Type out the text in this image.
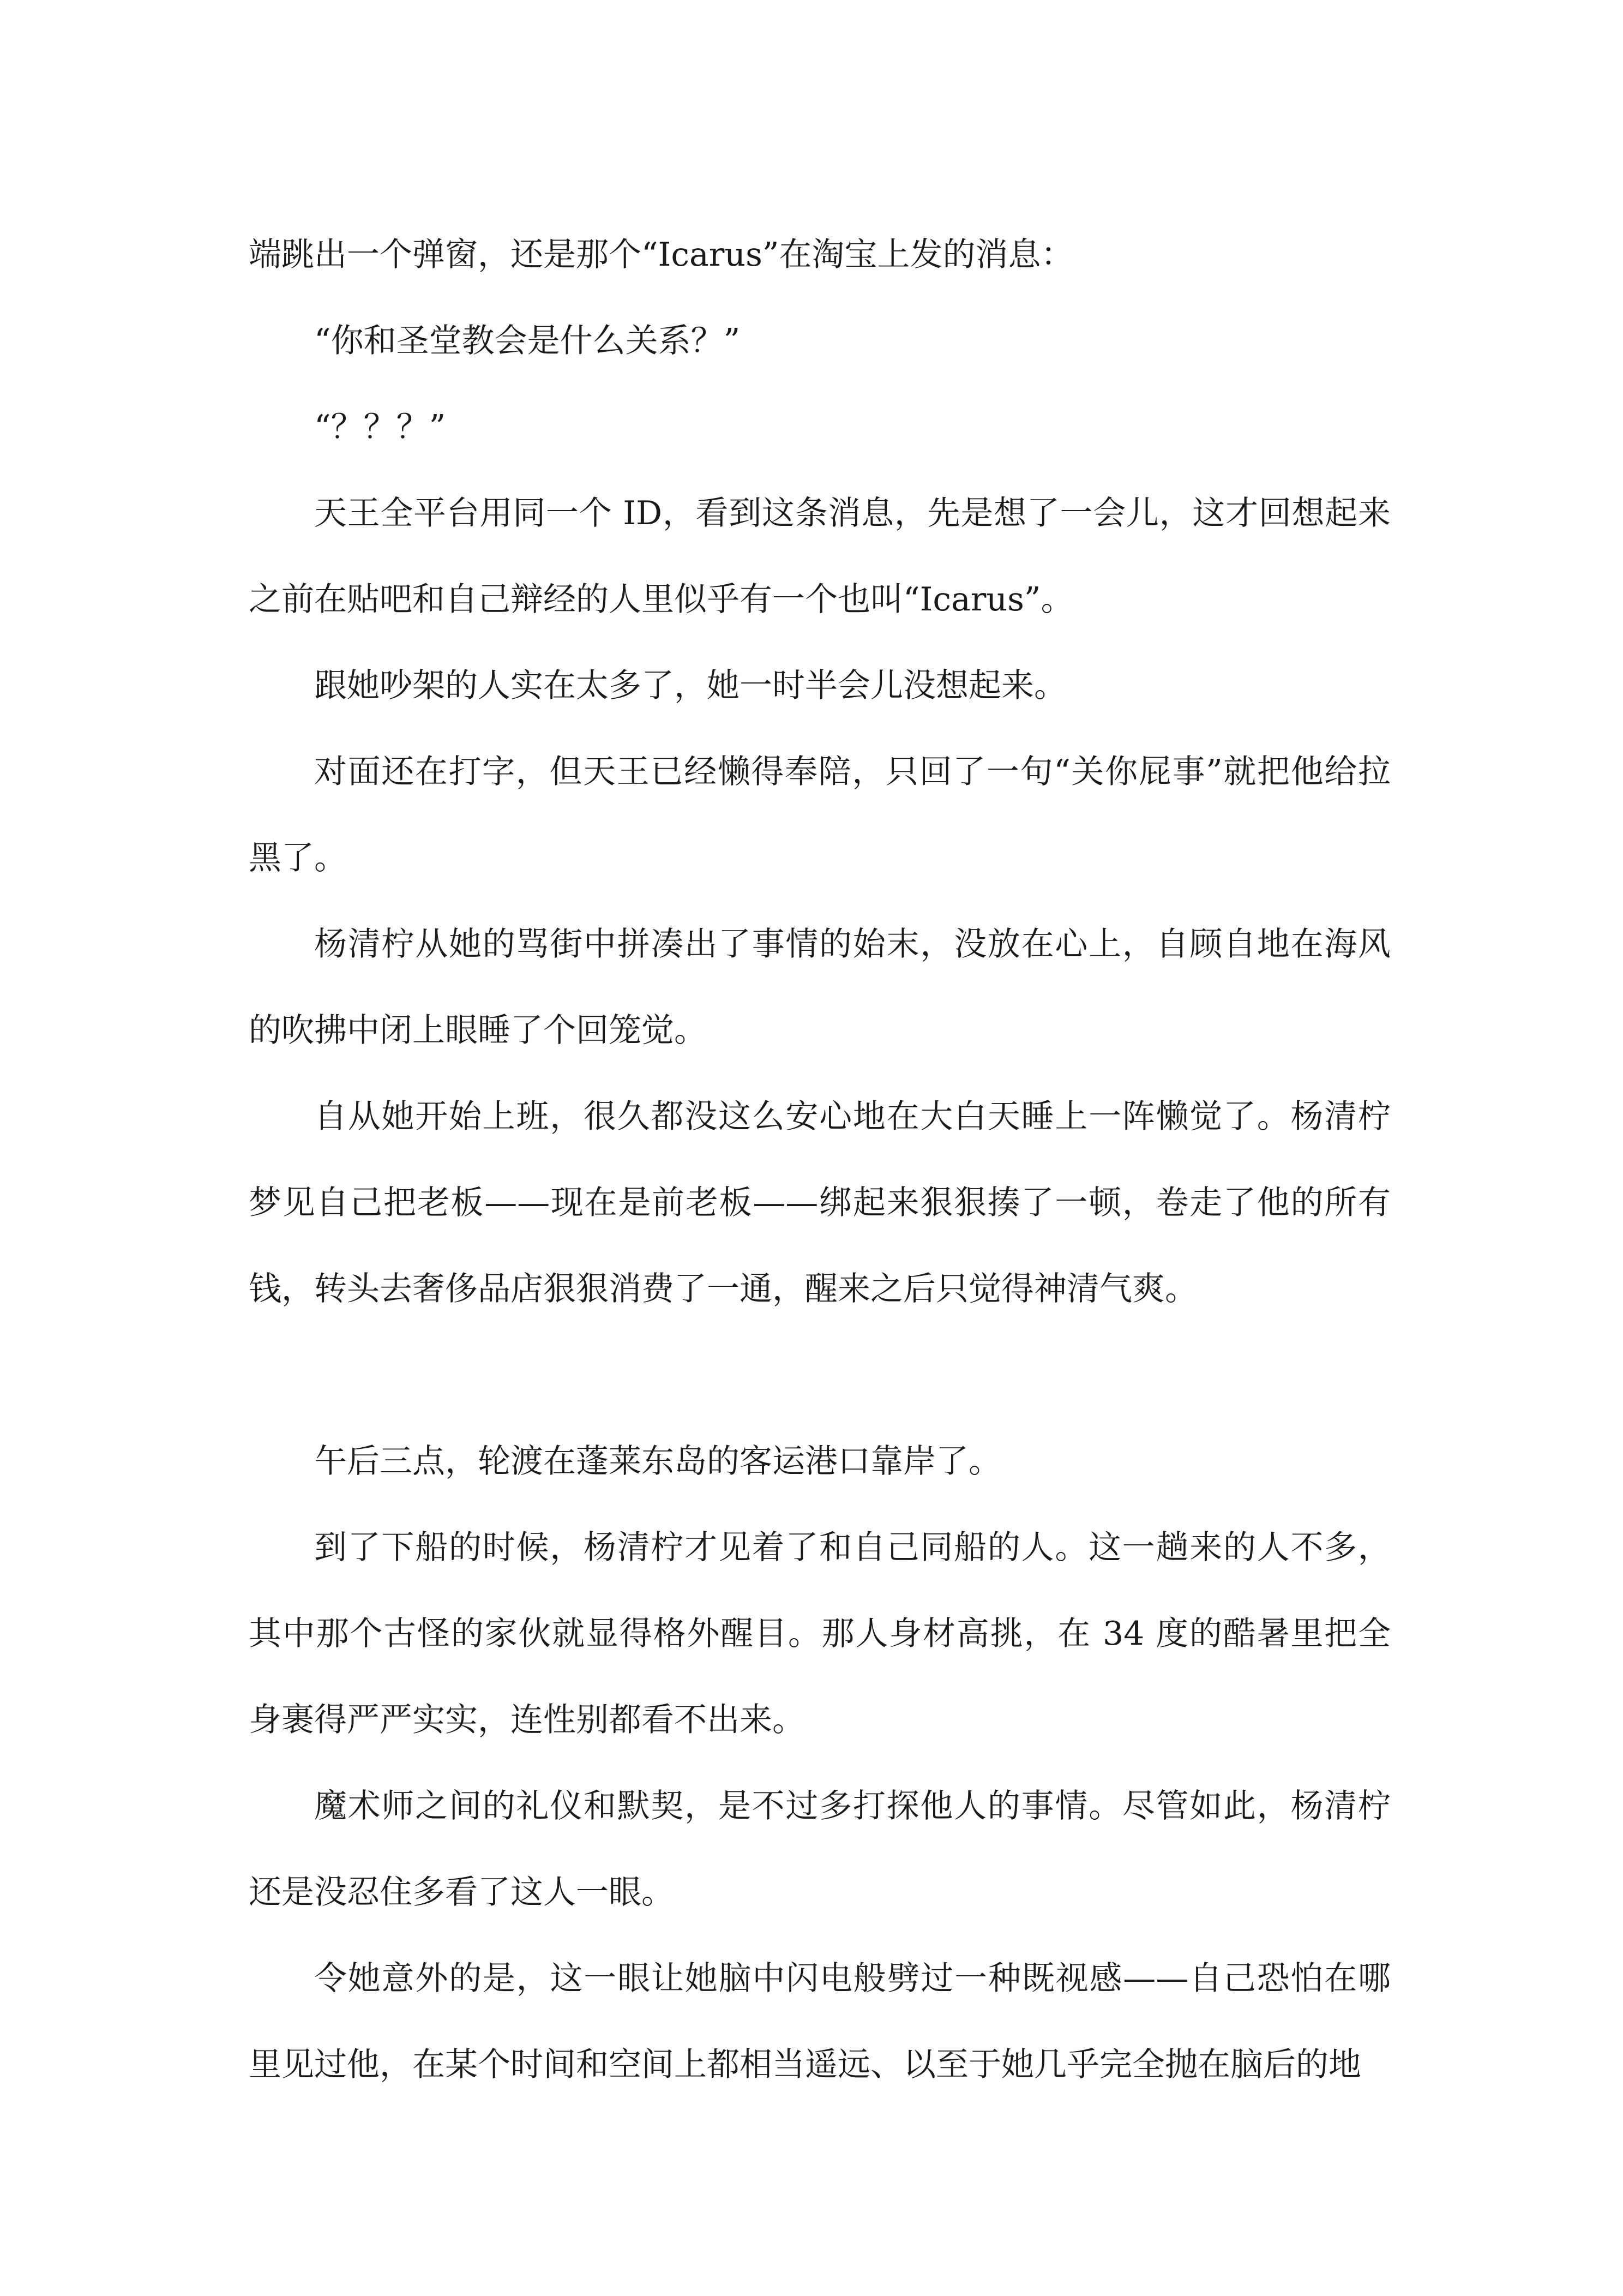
端跳出一个弹窗，还是那个“Icarus”在淘宝上发的消息：

“你和圣堂教会是什么关系？”

“？？？”

天王全平台用同一个 ID，看到这条消息，先是想了一会儿，这才回想起来之前在贴吧和自己辩经的人里似乎有一个也叫“Icarus”。

跟她吵架的人实在太多了，她一时半会儿没想起来。

对面还在打字，但天王已经懒得奉陪，只回了一句“关你屁事”就把他给拉黑了。

杨清柠从她的骂街中拼凑出了事情的始末，没放在心上，自顾自地在海风的吹拂中闭上眼睡了个回笼觉。

自从她开始上班，很久都没这么安心地在大白天睡上一阵懒觉了。杨清柠梦见自己把老板——现在是前老板——绑起来狠狠揍了一顿，卷走了他的所有钱，转头去奢侈品店狠狠消费了一通，醒来之后只觉得神清气爽。

午后三点，轮渡在蓬莱东岛的客运港口靠岸了。

到了下船的时候，杨清柠才见着了和自己同船的人。这一趟来的人不多，其中那个古怪的家伙就显得格外醒目。那人身材高挑，在 34 度的酷暑里把全身裹得严严实实，连性别都看不出来。

魔术师之间的礼仪和默契，是不过多打探他人的事情。尽管如此，杨清柠还是没忍住多看了这人一眼。

令她意外的是，这一眼让她脑中闪电般劈过一种既视感——自己恐怕在哪里见过他，在某个时间和空间上都相当遥远、以至于她几乎完全抛在脑后的地
